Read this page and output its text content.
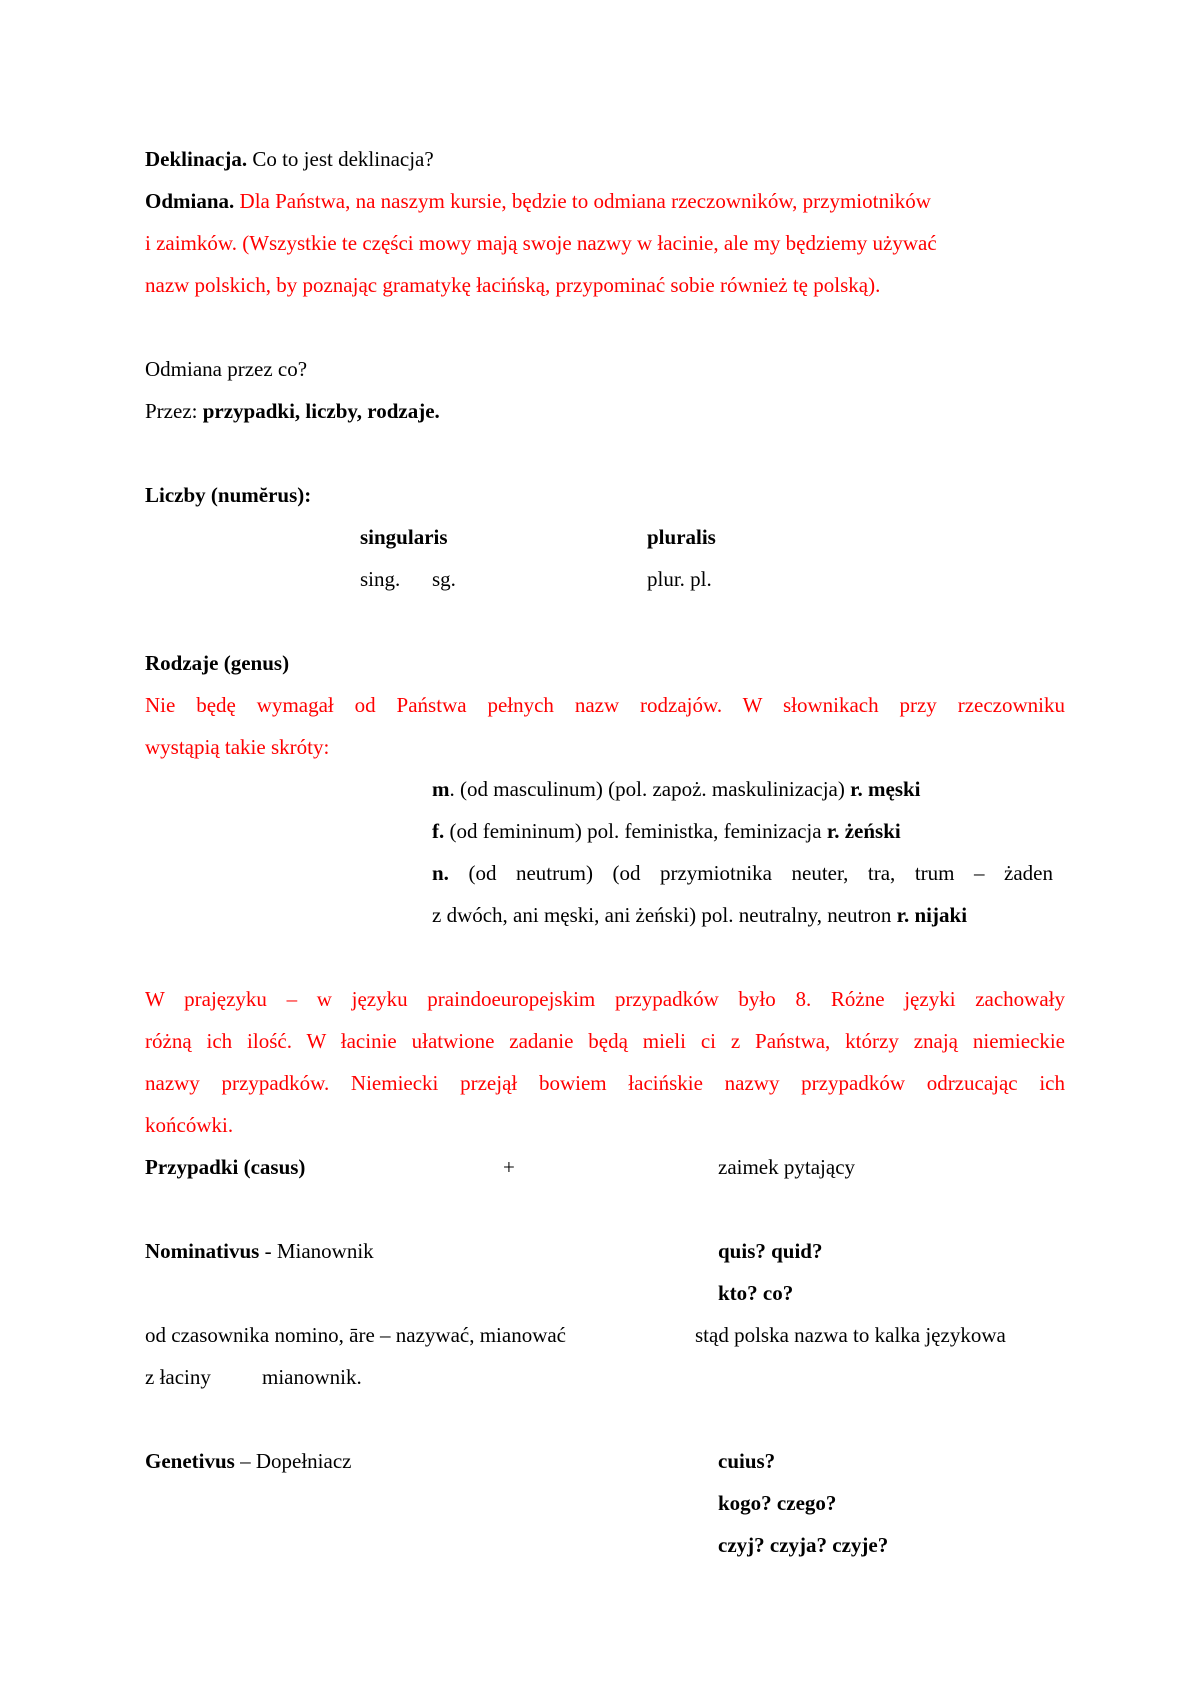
Deklinacja. Co to jest deklinacja?
Odmiana. Dla Państwa, na naszym kursie, będzie to odmiana rzeczowników, przymiotników
i zaimków. (Wszystkie te części mowy mają swoje nazwy w łacinie, ale my będziemy używać
nazw polskich, by poznając gramatykę łacińską, przypominać sobie również tę polską).
Odmiana przez co?
Przez: przypadki, liczby, rodzaje.
Liczby (numĕrus):
singularis	pluralis
sing. sg.	plur. pl.
Rodzaje (genus)
Nie będę wymagał od Państwa pełnych nazw rodzajów. W słownikach przy rzeczowniku
wystąpią takie skróty:
m. (od masculinum) (pol. zapoż. maskulinizacja) r. męski
f. (od femininum) pol. feministka, feminizacja r. żeński
n. (od neutrum) (od przymiotnika neuter, tra, trum – żaden
z dwóch, ani męski, ani żeński) pol. neutralny, neutron r. nijaki
W prajęzyku – w języku praindoeuropejskim przypadków było 8. Różne języki zachowały
różną ich ilość. W łacinie ułatwione zadanie będą mieli ci z Państwa, którzy znają niemieckie
nazwy przypadków. Niemiecki przejął bowiem łacińskie nazwy przypadków odrzucając ich
końcówki.
Przypadki (casus)	+	zaimek pytający
Nominativus - Mianownik	quis? quid?
kto? co?
od czasownika nomino, āre – nazywać, mianować	stąd polska nazwa to kalka językowa
z łaciny mianownik.
Genetivus – Dopełniacz	cuius?
kogo? czego?
czyj? czyja? czyje?
